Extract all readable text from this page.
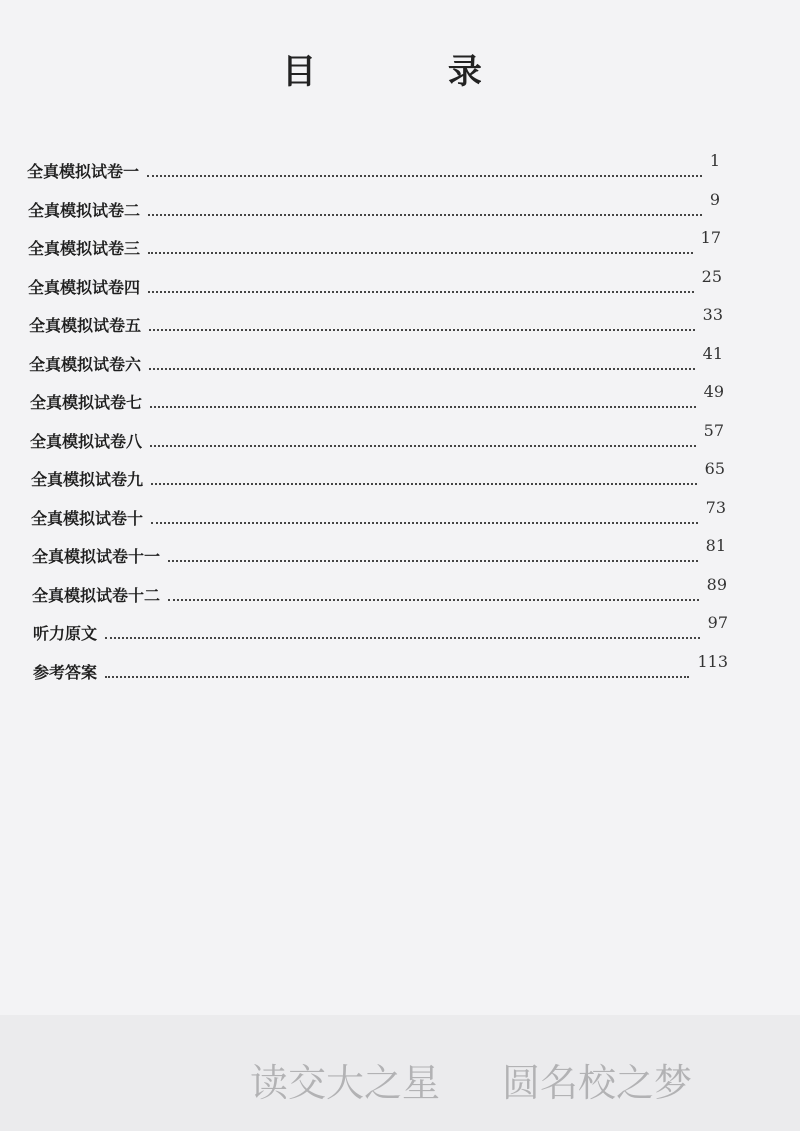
目 录
全真模拟试卷一
1
全真模拟试卷二
9
全真模拟试卷三
17
全真模拟试卷四
25
全真模拟试卷五
33
全真模拟试卷六
41
全真模拟试卷七
49
全真模拟试卷八
57
全真模拟试卷九
65
全真模拟试卷十
73
全真模拟试卷十一
81
全真模拟试卷十二
89
听力原文
97
参考答案
113
读交大之星 圆名校之梦
